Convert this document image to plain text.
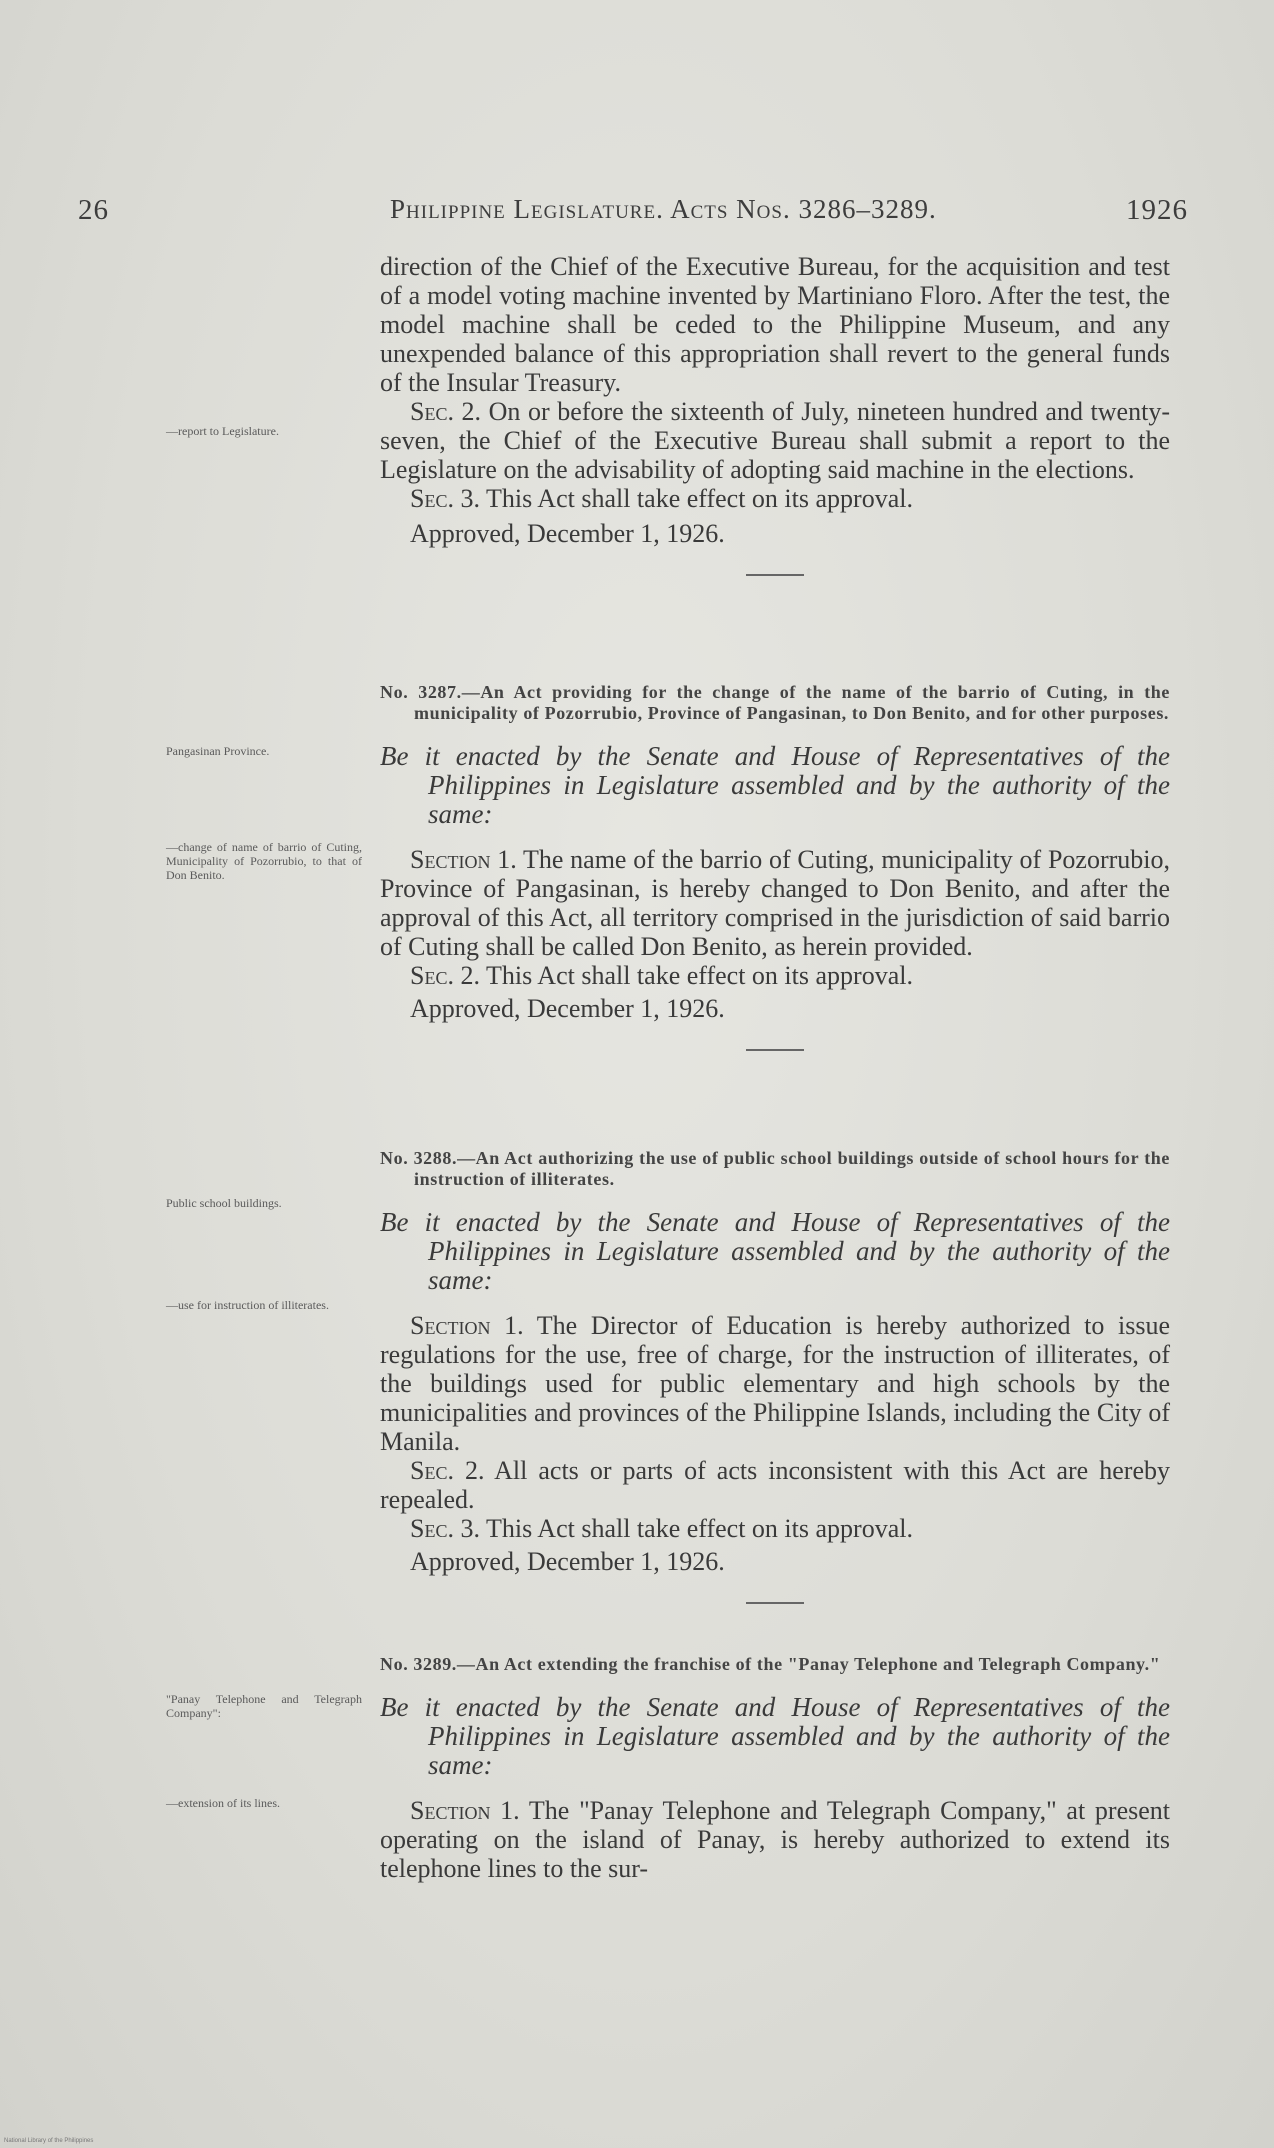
26	Philippine Legislature. Acts Nos. 3286–3289.	1926

direction of the Chief of the Executive Bureau, for the acquisition and test of a model voting machine invented by Martiniano Floro. After the test, the model machine shall be ceded to the Philippine Museum, and any unexpended balance of this appropriation shall revert to the general funds of the Insular Treasury.

Sec. 2. On or before the sixteenth of July, nineteen hundred and twenty-seven, the Chief of the Executive Bureau shall submit a report to the Legislature on the advisability of adopting said machine in the elections.

Sec. 3. This Act shall take effect on its approval.

Approved, December 1, 1926.

—report to Legislature.

No. 3287.—An Act providing for the change of the name of the barrio of Cuting, in the municipality of Pozorrubio, Province of Pangasinan, to Don Benito, and for other purposes.

Be it enacted by the Senate and House of Representatives of the Philippines in Legislature assembled and by the authority of the same:

Section 1. The name of the barrio of Cuting, municipality of Pozorrubio, Province of Pangasinan, is hereby changed to Don Benito, and after the approval of this Act, all territory comprised in the jurisdiction of said barrio of Cuting shall be called Don Benito, as herein provided.

Sec. 2. This Act shall take effect on its approval.

Approved, December 1, 1926.

Pangasinan Province.
—change of name of barrio of Cuting, Municipality of Pozorrubio, to that of Don Benito.

No. 3288.—An Act authorizing the use of public school buildings outside of school hours for the instruction of illiterates.

Be it enacted by the Senate and House of Representatives of the Philippines in Legislature assembled and by the authority of the same:

Section 1. The Director of Education is hereby authorized to issue regulations for the use, free of charge, for the instruction of illiterates, of the buildings used for public elementary and high schools by the municipalities and provinces of the Philippine Islands, including the City of Manila.

Sec. 2. All acts or parts of acts inconsistent with this Act are hereby repealed.

Sec. 3. This Act shall take effect on its approval.

Approved, December 1, 1926.

Public school buildings.
—use for instruction of illiterates.

No. 3289.—An Act extending the franchise of the "Panay Telephone and Telegraph Company."

Be it enacted by the Senate and House of Representatives of the Philippines in Legislature assembled and by the authority of the same:

Section 1. The "Panay Telephone and Telegraph Company," at present operating on the island of Panay, is hereby authorized to extend its telephone lines to the sur-

"Panay Telephone and Telegraph Company":
—extension of its lines.
National Library of the Philippines
